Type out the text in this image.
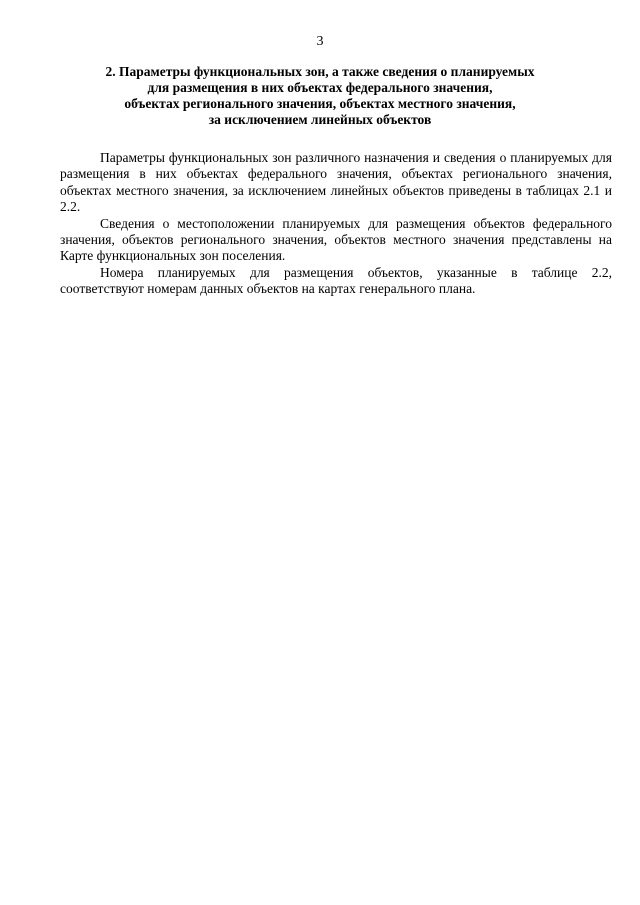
3
2. Параметры функциональных зон, а также сведения о планируемых
для размещения в них объектах федерального значения,
объектах регионального значения, объектах местного значения,
за исключением линейных объектов

Параметры функциональных зон различного назначения и сведения о планируемых для размещения в них объектах федерального значения, объектах регионального значения, объектах местного значения, за исключением линейных объектов приведены в таблицах 2.1 и 2.2.

Сведения о местоположении планируемых для размещения объектов федерального значения, объектов регионального значения, объектов местного значения представлены на Карте функциональных зон поселения.

Номера планируемых для размещения объектов, указанные в таблице 2.2, соответствуют номерам данных объектов на картах генерального плана.
